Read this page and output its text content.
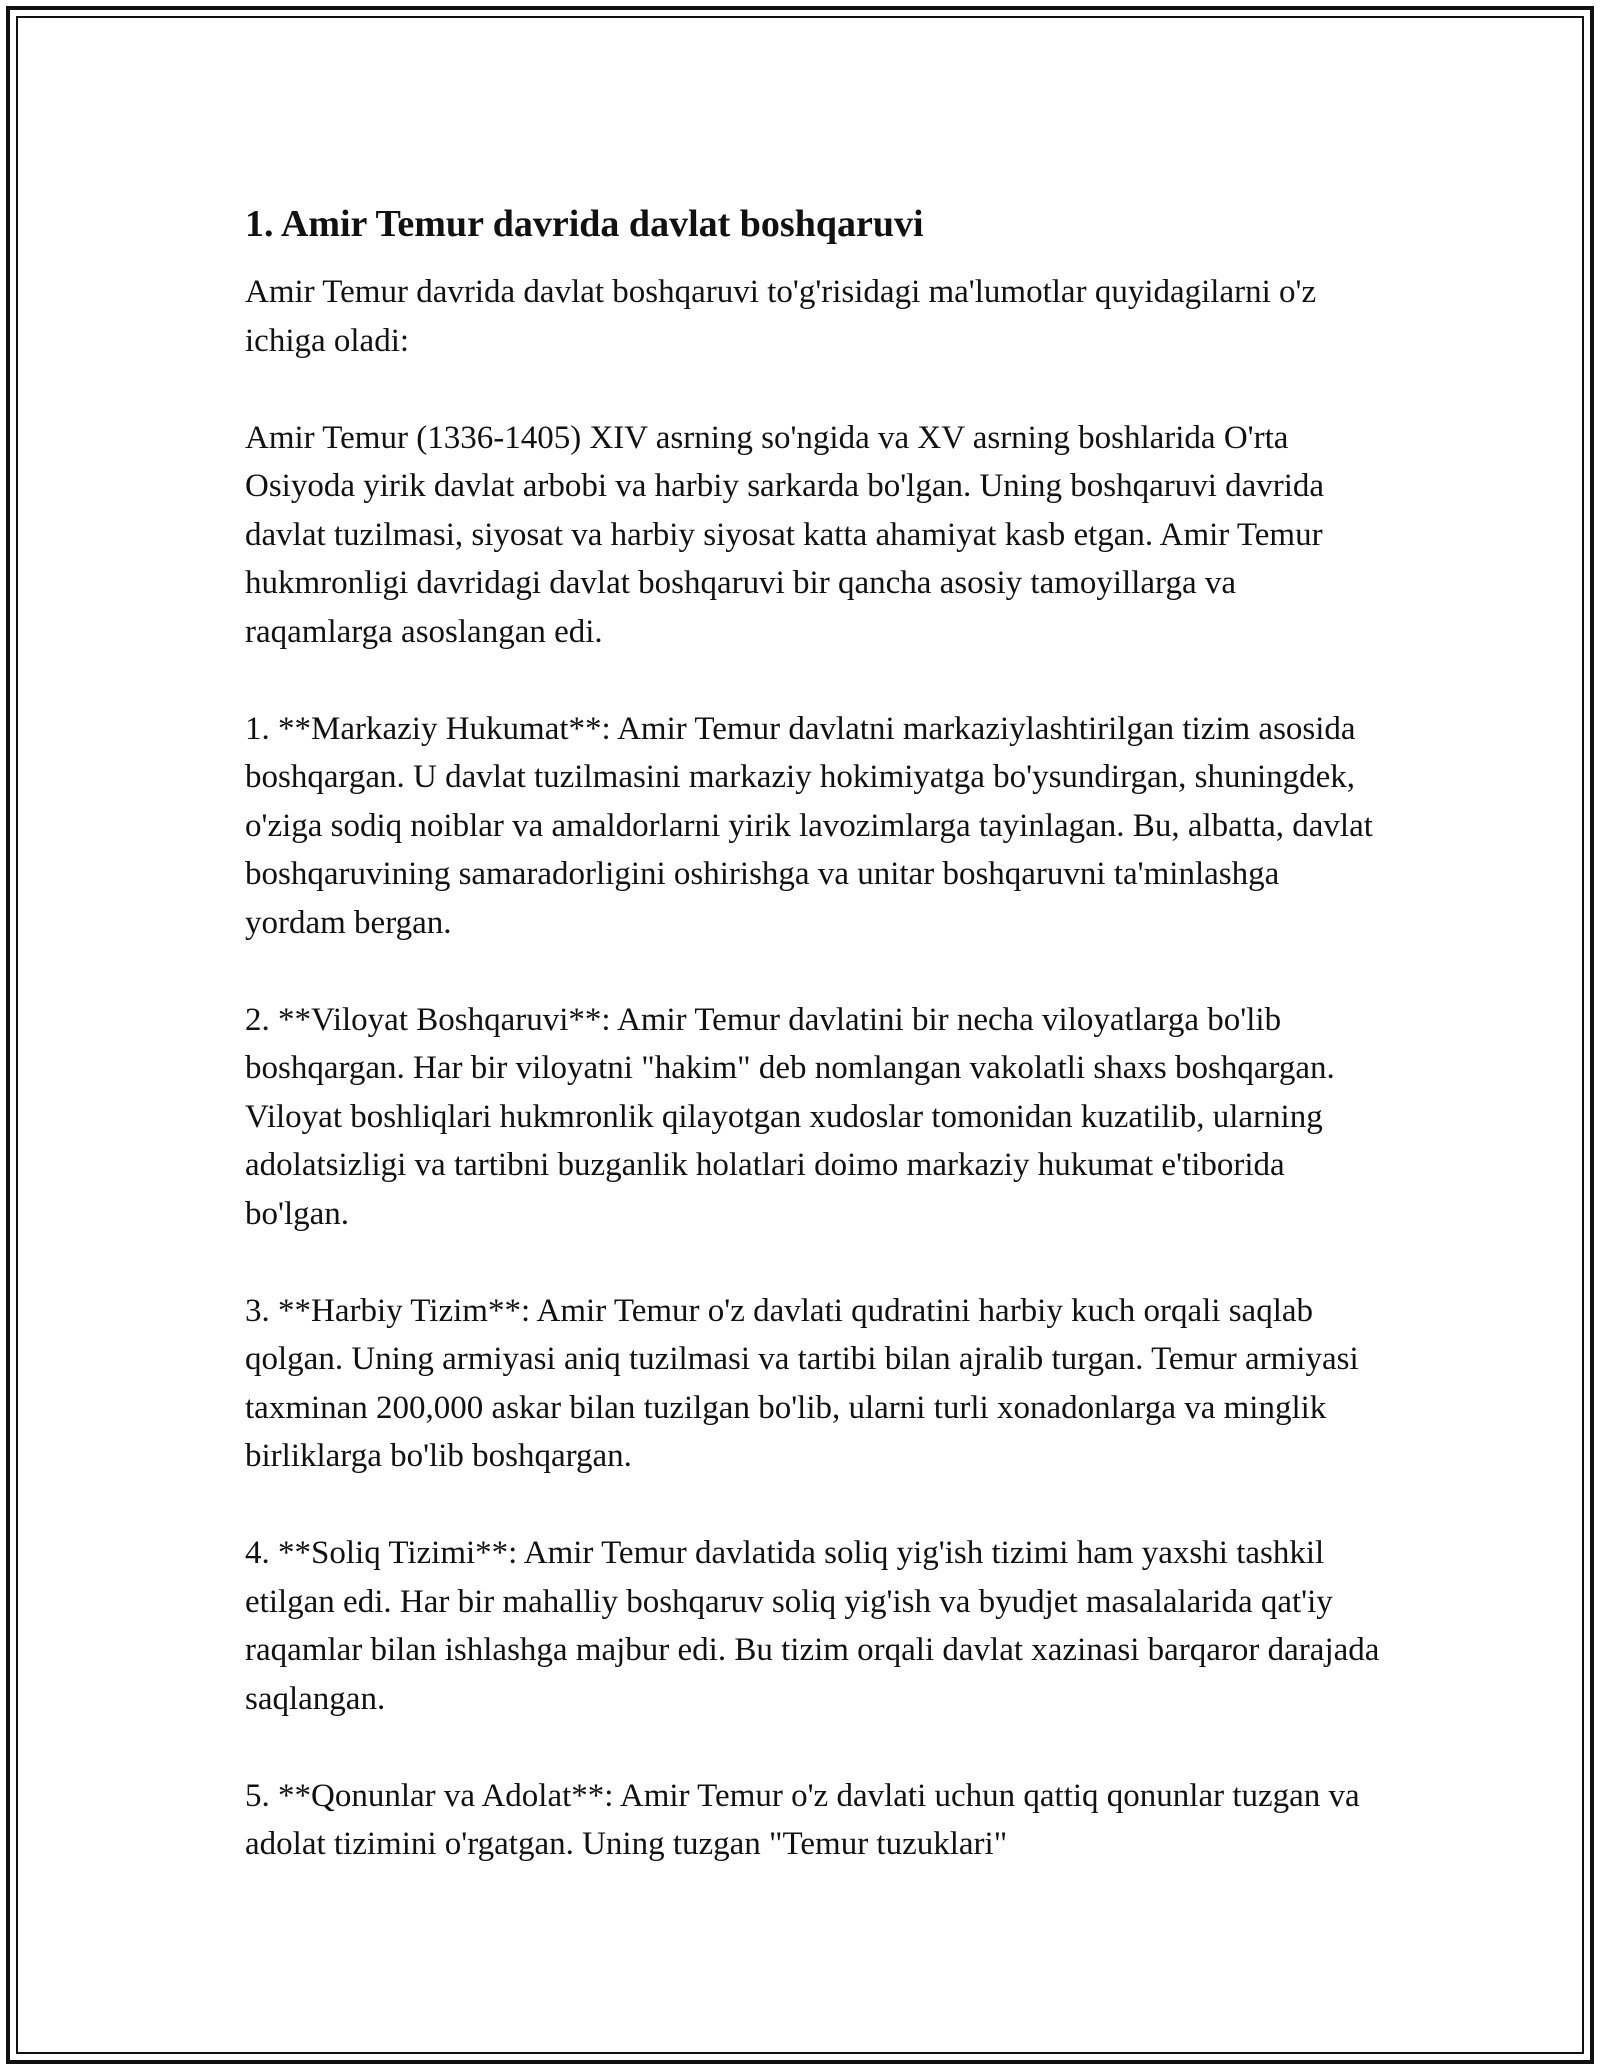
1. Amir Temur davrida davlat boshqaruvi

Amir Temur davrida davlat boshqaruvi to'g'risidagi ma'lumotlar quyidagilarni o'z ichiga oladi:

Amir Temur (1336-1405) XIV asrning so'ngida va XV asrning boshlarida O'rta Osiyoda yirik davlat arbobi va harbiy sarkarda bo'lgan. Uning boshqaruvi davrida davlat tuzilmasi, siyosat va harbiy siyosat katta ahamiyat kasb etgan. Amir Temur hukmronligi davridagi davlat boshqaruvi bir qancha asosiy tamoyillarga va raqamlarga asoslangan edi.

1. **Markaziy Hukumat**: Amir Temur davlatni markaziylashtirilgan tizim asosida boshqargan. U davlat tuzilmasini markaziy hokimiyatga bo'ysundirgan, shuningdek, o'ziga sodiq noiblar va amaldorlarni yirik lavozimlarga tayinlagan. Bu, albatta, davlat boshqaruvining samaradorligini oshirishga va unitar boshqaruvni ta'minlashga yordam bergan.

2. **Viloyat Boshqaruvi**: Amir Temur davlatini bir necha viloyatlarga bo'lib boshqargan. Har bir viloyatni "hakim" deb nomlangan vakolatli shaxs boshqargan. Viloyat boshliqlari hukmronlik qilayotgan xudoslar tomonidan kuzatilib, ularning adolatsizligi va tartibni buzganlik holatlari doimo markaziy hukumat e'tiborida bo'lgan.

3. **Harbiy Tizim**: Amir Temur o'z davlati qudratini harbiy kuch orqali saqlab qolgan. Uning armiyasi aniq tuzilmasi va tartibi bilan ajralib turgan. Temur armiyasi taxminan 200,000 askar bilan tuzilgan bo'lib, ularni turli xonadonlarga va minglik birliklarga bo'lib boshqargan.

4. **Soliq Tizimi**: Amir Temur davlatida soliq yig'ish tizimi ham yaxshi tashkil etilgan edi. Har bir mahalliy boshqaruv soliq yig'ish va byudjet masalalarida qat'iy raqamlar bilan ishlashga majbur edi. Bu tizim orqali davlat xazinasi barqaror darajada saqlangan.

5. **Qonunlar va Adolat**: Amir Temur o'z davlati uchun qattiq qonunlar tuzgan va adolat tizimini o'rgatgan. Uning tuzgan "Temur tuzuklari"
